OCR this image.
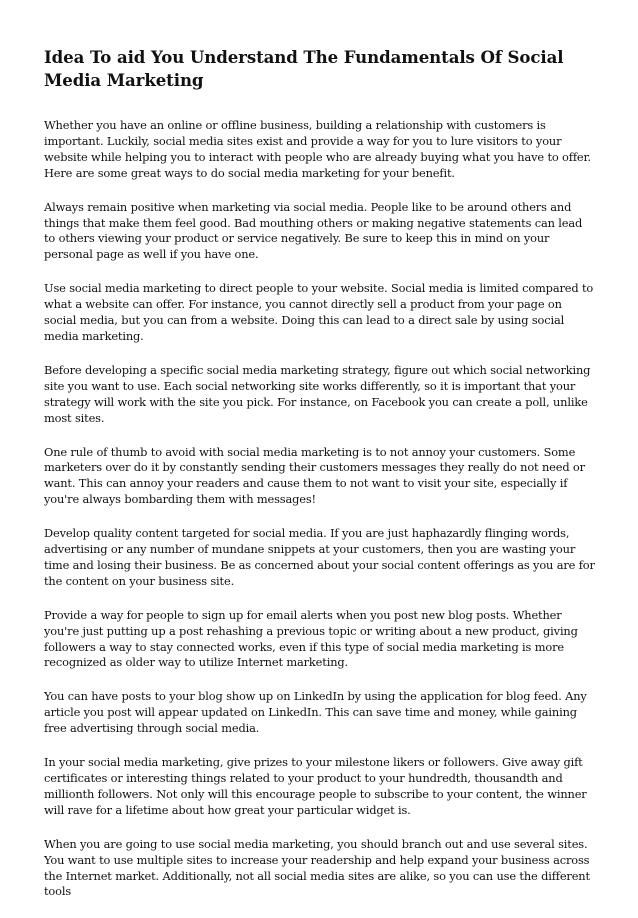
Idea To aid You Understand The Fundamentals Of Social Media Marketing

Whether you have an online or offline business, building a relationship with customers is important. Luckily, social media sites exist and provide a way for you to lure visitors to your website while helping you to interact with people who are already buying what you have to offer. Here are some great ways to do social media marketing for your benefit.

Always remain positive when marketing via social media. People like to be around others and things that make them feel good. Bad mouthing others or making negative statements can lead to others viewing your product or service negatively. Be sure to keep this in mind on your personal page as well if you have one.

Use social media marketing to direct people to your website. Social media is limited compared to what a website can offer. For instance, you cannot directly sell a product from your page on social media, but you can from a website. Doing this can lead to a direct sale by using social media marketing.

Before developing a specific social media marketing strategy, figure out which social networking site you want to use. Each social networking site works differently, so it is important that your strategy will work with the site you pick. For instance, on Facebook you can create a poll, unlike most sites.

One rule of thumb to avoid with social media marketing is to not annoy your customers. Some marketers over do it by constantly sending their customers messages they really do not need or want. This can annoy your readers and cause them to not want to visit your site, especially if you're always bombarding them with messages!

Develop quality content targeted for social media. If you are just haphazardly flinging words, advertising or any number of mundane snippets at your customers, then you are wasting your time and losing their business. Be as concerned about your social content offerings as you are for the content on your business site.

Provide a way for people to sign up for email alerts when you post new blog posts. Whether you're just putting up a post rehashing a previous topic or writing about a new product, giving followers a way to stay connected works, even if this type of social media marketing is more recognized as older way to utilize Internet marketing.

You can have posts to your blog show up on LinkedIn by using the application for blog feed. Any article you post will appear updated on LinkedIn. This can save time and money, while gaining free advertising through social media.

In your social media marketing, give prizes to your milestone likers or followers. Give away gift certificates or interesting things related to your product to your hundredth, thousandth and millionth followers. Not only will this encourage people to subscribe to your content, the winner will rave for a lifetime about how great your particular widget is.

When you are going to use social media marketing, you should branch out and use several sites. You want to use multiple sites to increase your readership and help expand your business across the Internet market. Additionally, not all social media sites are alike, so you can use the different tools
